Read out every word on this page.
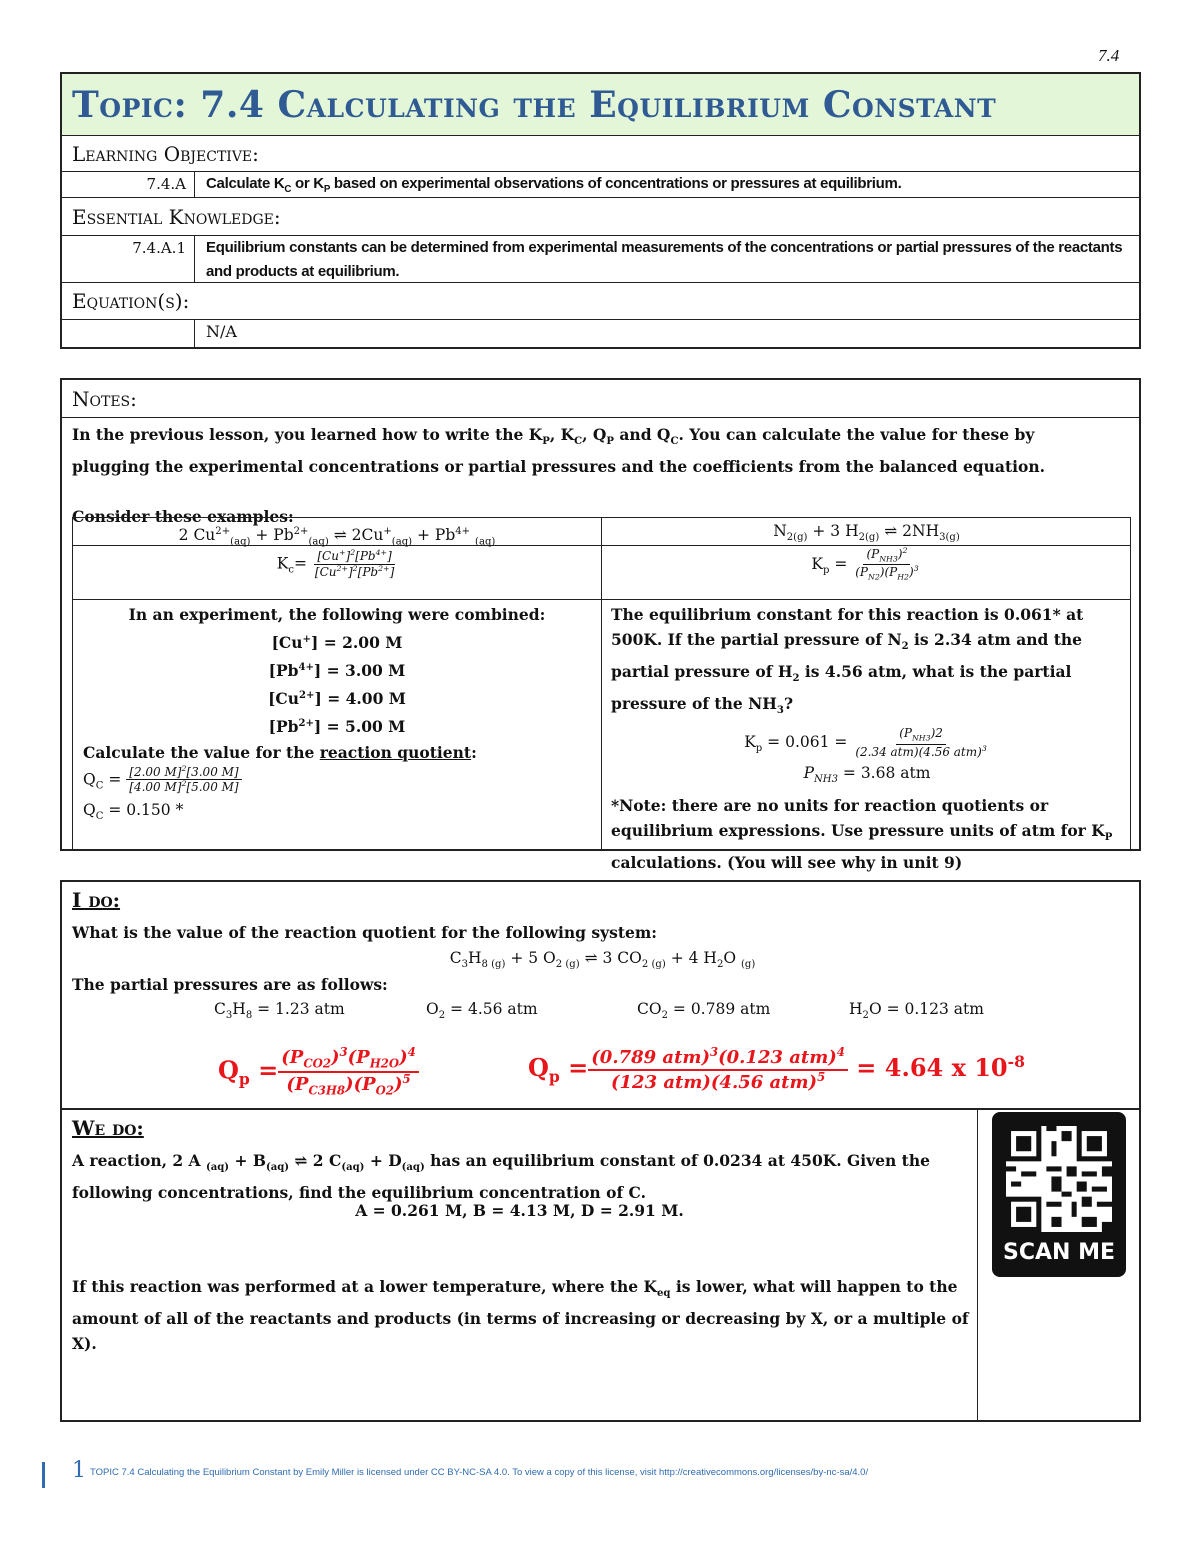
7.4
Topic: 7.4 Calculating the Equilibrium Constant
Learning Objective:
7.4.A	Calculate $K_C$ or $K_P$ based on experimental observations of concentrations or pressures at equilibrium.
Essential Knowledge:
7.4.A.1	Equilibrium constants can be determined from experimental measurements of the concentrations or partial pressures of the reactants and products at equilibrium.
Equation(s):
N/A
Notes:
In the previous lesson, you learned how to write the $K_P$, $K_C$, $Q_P$ and $Q_C$. You can calculate the value for these by
plugging the experimental concentrations or partial pressures and the coefficients from the balanced equation.
Consider these examples:
2 $Cu^{2+}_{(aq)} + Pb^{2+}_{(aq)}$ ⇌ $2Cu^+_{(aq)} + Pb^{4+}$ $_{(aq)}$
$K_c= \frac{[Cu^+]^2[Pb^{4+}]}{[Cu^{2+}]^2[Pb^{2+}]}$
In an experiment, the following were combined:
[Cu+] = 2.00 M
$[Pb^{4+}] = 3.00$ M
$[Cu^{2+}] = 4.00$ M
$[Pb^{2+}] = 5.00$ M
Calculate the value for the reaction quotient:
$Q_C = \frac{[2.00 M]^2[3.00 M]}{[4.00 M]^2[5.00 M]}$
$Q_C = 0.150$ *
$N_{2(g)} + 3$ $H_{2(g)}$ ⇌ $2NH_{3(g)}$
$K_p = \frac{(P_{NH3})^2}{(P_{N2})(P_{H2})^3}$
The equilibrium constant for this reaction is 0.061* at 500K. If the partial pressure of $N_2$ is 2.34 atm and the partial pressure of $H_2$ is 4.56 atm, what is the partial pressure of the $NH_3$?
$K_p = 0.061 = \frac{(P_{NH3})2}{(2.34 atm)(4.56 atm)^3}$
$P_{NH3} = 3.68$ atm
*Note: there are no units for reaction quotients or equilibrium expressions. Use pressure units of atm for $K_P$ calculations. (You will see why in unit 9)
I do:
What is the value of the reaction quotient for the following system:
$C_3H_{8 (g)} + 5$ $O_{2 (g)}$ ⇌ 3 $CO_{2 (g)} + 4$ $H_2O$ $_{(g)}$
The partial pressures are as follows:
$C_3H_8 = 1.23$ atm	$O_2 = 4.56$ atm	$CO_2 = 0.789$ atm	$H_2O = 0.123$ atm
$Q_p = \frac{(P_{CO2})^3(P_{H2O})^4}{(P_{C3H8})(P_{O2})^5}$	$Q_p = \frac{(0.789 atm)^3(0.123 atm)^4}{(123 atm)(4.56 atm)^5} = 4.64$ x $10^{-8}$
We do:
A reaction, 2 A $_{(aq)} + B_{(aq)}$ ⇌ 2 $C_{(aq)} + D_{(aq)}$ has an equilibrium constant of 0.0234 at 450K. Given the following concentrations, find the equilibrium concentration of C.
A = 0.261 M, B = 4.13 M, D = 2.91 M.
If this reaction was performed at a lower temperature, where the $K_{eq}$ is lower, what will happen to the amount of all of the reactants and products (in terms of increasing or decreasing by X, or a multiple of X).
SCAN ME
1 TOPIC 7.4 Calculating the Equilibrium Constant by Emily Miller is licensed under CC BY-NC-SA 4.0. To view a copy of this license, visit http://creativecommons.org/licenses/by-nc-sa/4.0/
